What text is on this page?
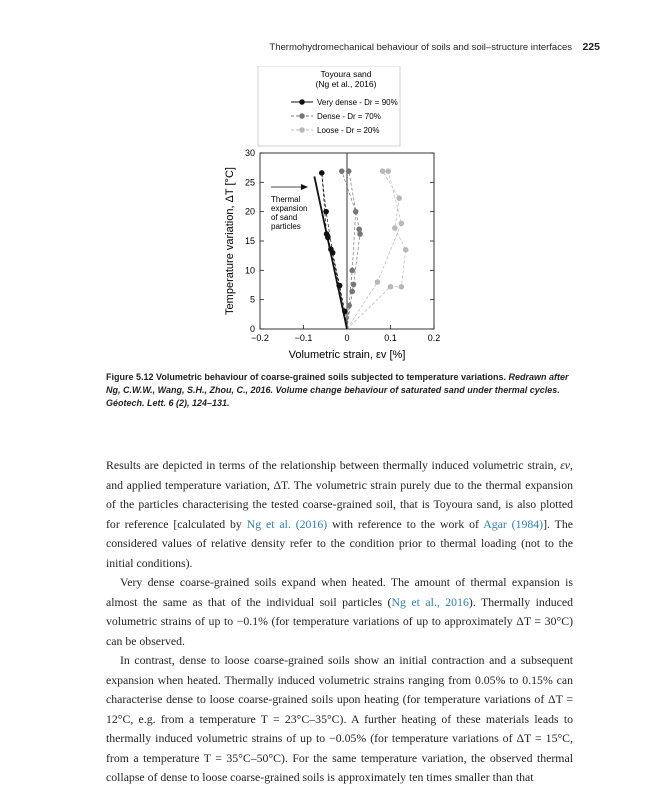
Thermohydromechanical behaviour of soils and soil–structure interfaces 225
Toyoura sand
(Ng et al., 2016)
Very dense - Dr = 90%
Dense - Dr = 70%
Loose - Dr = 20%
−0.2	−0.1	0	0.1	0.2
0
5
10
15
20
25
30
Thermal
expansion
of sand
particles
Volumetric strain, εv [%]
Temperature variation, ΔT [°C]
Figure 5.12 Volumetric behaviour of coarse-grained soils subjected to temperature variations. Redrawn after Ng, C.W.W., Wang, S.H., Zhou, C., 2016. Volume change behaviour of saturated sand under thermal cycles. Géotech. Lett. 6 (2), 124–131.

Results are depicted in terms of the relationship between thermally induced volumetric strain, εv, and applied temperature variation, ΔT. The volumetric strain purely due to the thermal expansion of the particles characterising the tested coarse-grained soil, that is Toyoura sand, is also plotted for reference [calculated by Ng et al. (2016) with reference to the work of Agar (1984)]. The considered values of relative density refer to the condition prior to thermal loading (not to the initial conditions).

Very dense coarse-grained soils expand when heated. The amount of thermal expansion is almost the same as that of the individual soil particles (Ng et al., 2016). Thermally induced volumetric strains of up to −0.1% (for temperature variations of up to approximately ΔT = 30°C) can be observed.

In contrast, dense to loose coarse-grained soils show an initial contraction and a subsequent expansion when heated. Thermally induced volumetric strains ranging from 0.05% to 0.15% can characterise dense to loose coarse-grained soils upon heating (for temperature variations of ΔT = 12°C, e.g. from a temperature T = 23°C–35°C). A further heating of these materials leads to thermally induced volumetric strains of up to −0.05% (for temperature variations of ΔT = 15°C, from a temperature T = 35°C–50°C). For the same temperature variation, the observed thermal collapse of dense to loose coarse-grained soils is approximately ten times smaller than that
